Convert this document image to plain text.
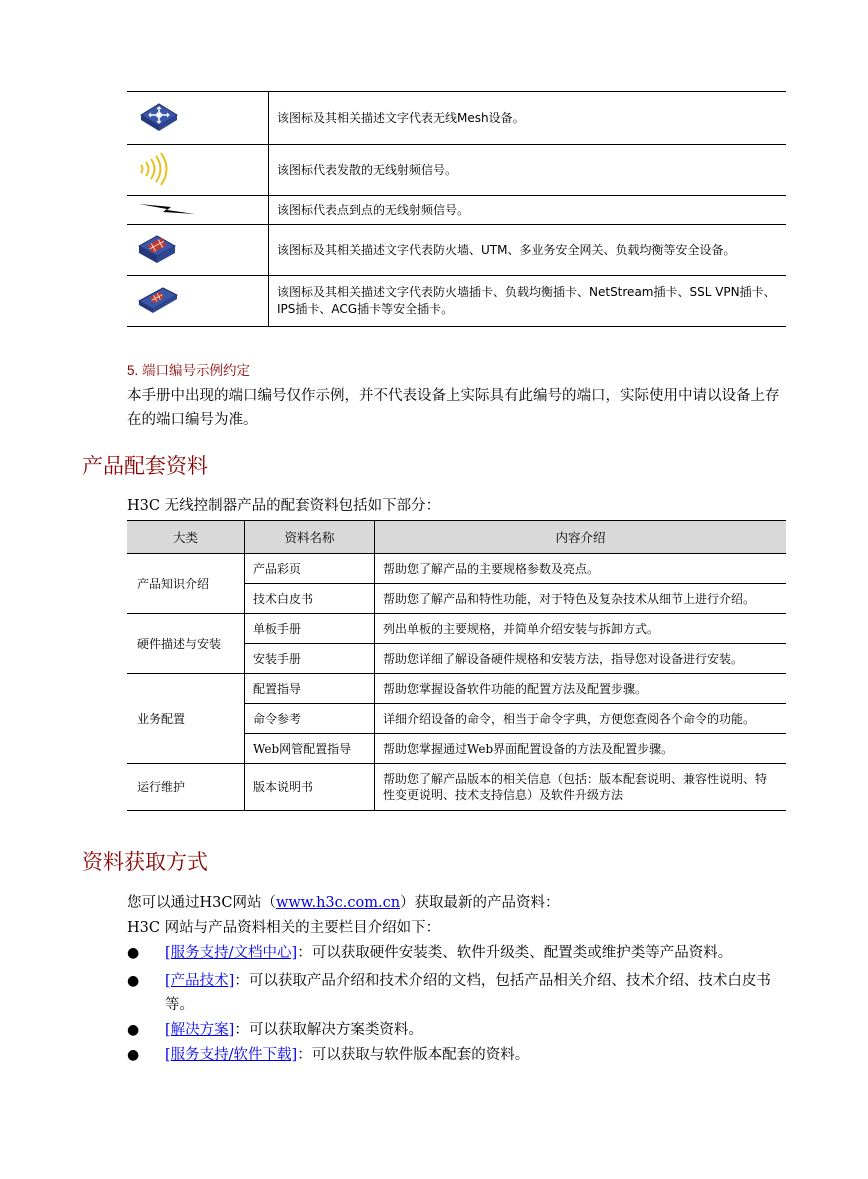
	该图标及其相关描述文字代表无线Mesh设备。
	该图标代表发散的无线射频信号。
	该图标代表点到点的无线射频信号。
	该图标及其相关描述文字代表防火墙、UTM、多业务安全网关、负载均衡等安全设备。
	该图标及其相关描述文字代表防火墙插卡、负载均衡插卡、NetStream插卡、SSL VPN插卡、IPS插卡、ACG插卡等安全插卡。
5. 端口编号示例约定
本手册中出现的端口编号仅作示例，并不代表设备上实际具有此编号的端口，实际使用中请以设备上存在的端口编号为准。
产品配套资料
H3C 无线控制器产品的配套资料包括如下部分：
大类	资料名称	内容介绍
产品知识介绍	产品彩页	帮助您了解产品的主要规格参数及亮点。
	技术白皮书	帮助您了解产品和特性功能，对于特色及复杂技术从细节上进行介绍。
硬件描述与安装	单板手册	列出单板的主要规格，并简单介绍安装与拆卸方式。
	安装手册	帮助您详细了解设备硬件规格和安装方法，指导您对设备进行安装。
业务配置	配置指导	帮助您掌握设备软件功能的配置方法及配置步骤。
	命令参考	详细介绍设备的命令，相当于命令字典，方便您查阅各个命令的功能。
	Web网管配置指导	帮助您掌握通过Web界面配置设备的方法及配置步骤。
运行维护	版本说明书	帮助您了解产品版本的相关信息（包括：版本配套说明、兼容性说明、特性变更说明、技术支持信息）及软件升级方法
资料获取方式
您可以通过H3C网站（www.h3c.com.cn）获取最新的产品资料：
H3C 网站与产品资料相关的主要栏目介绍如下：
● [服务支持/文档中心]：可以获取硬件安装类、软件升级类、配置类或维护类等产品资料。
● [产品技术]：可以获取产品介绍和技术介绍的文档，包括产品相关介绍、技术介绍、技术白皮书等。
● [解决方案]：可以获取解决方案类资料。
● [服务支持/软件下载]：可以获取与软件版本配套的资料。
